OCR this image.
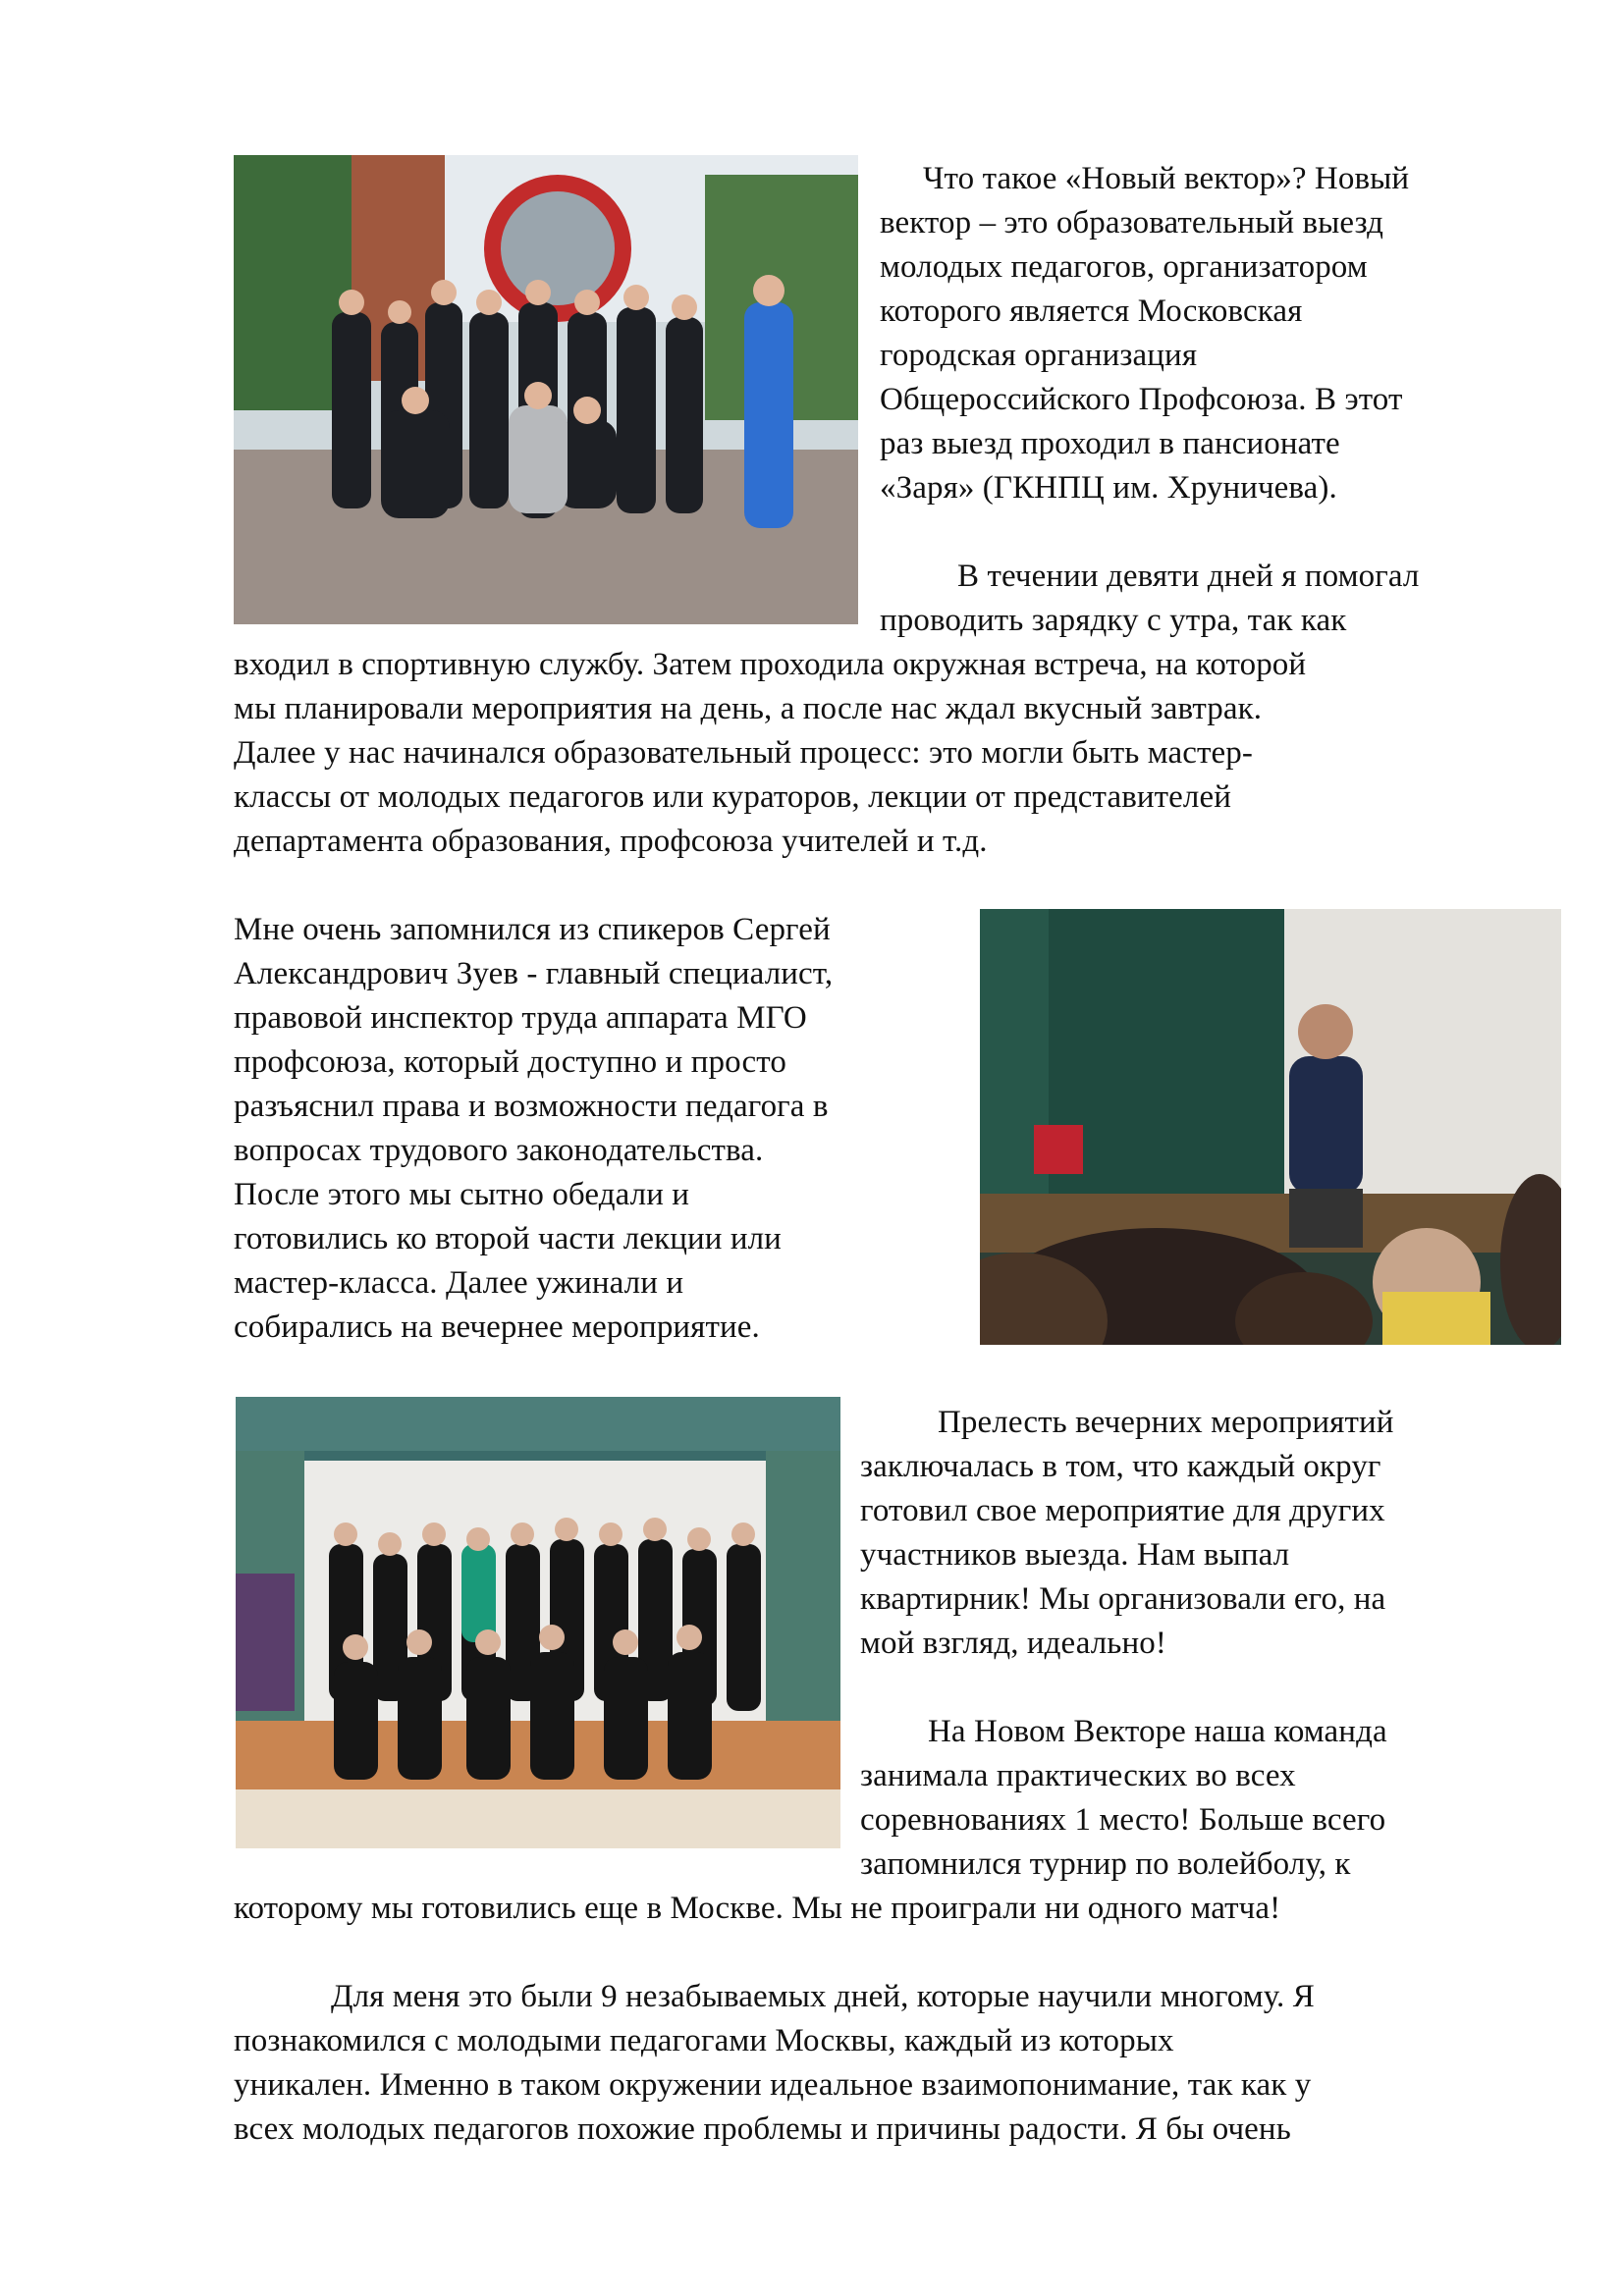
Что такое «Новый вектор»? Новый
вектор – это образовательный выезд
молодых педагогов, организатором
которого является Московская
городская организация
Общероссийского Профсоюза. В этот
раз выезд проходил в пансионате
«Заря» (ГКНПЦ им. Хруничева).
В течении девяти дней я помогал
проводить зарядку с утра, так как
входил в спортивную службу. Затем проходила окружная встреча, на которой
мы планировали мероприятия на день, а после нас ждал вкусный завтрак.
Далее у нас начинался образовательный процесс: это могли быть мастер-
классы от молодых педагогов или кураторов, лекции от представителей
департамента образования, профсоюза учителей и т.д.
Мне очень запомнился из спикеров Сергей
Александрович Зуев - главный специалист,
правовой инспектор труда аппарата МГО
профсоюза, который доступно и просто
разъяснил права и возможности педагога в
вопросах трудового законодательства.
После этого мы сытно обедали и
готовились ко второй части лекции или
мастер-класса. Далее ужинали и
собирались на вечернее мероприятие.
Прелесть вечерних мероприятий
заключалась в том, что каждый округ
готовил свое мероприятие для других
участников выезда. Нам выпал
квартирник! Мы организовали его, на
мой взгляд, идеально!
На Новом Векторе наша команда
занимала практических во всех
соревнованиях 1 место! Больше всего
запомнился турнир по волейболу, к
которому мы готовились еще в Москве. Мы не проиграли ни одного матча!
Для меня это были 9 незабываемых дней, которые научили многому. Я
познакомился с молодыми педагогами Москвы, каждый из которых
уникален. Именно в таком окружении идеальное взаимопонимание, так как у
всех молодых педагогов похожие проблемы и причины радости. Я бы очень
